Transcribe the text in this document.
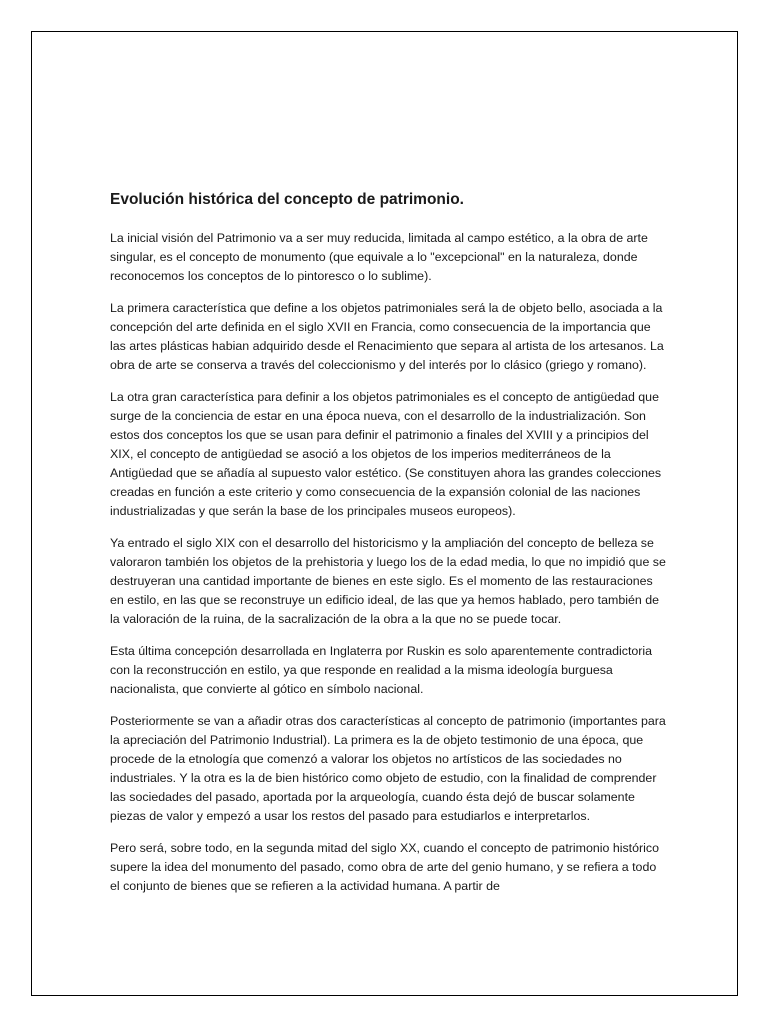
Evolución histórica del concepto de patrimonio.

La inicial visión del Patrimonio va a ser muy reducida, limitada al campo estético, a la obra de arte singular, es el concepto de monumento (que equivale a lo "excepcional" en la naturaleza, donde reconocemos los conceptos de lo pintoresco o lo sublime).

La primera característica que define a los objetos patrimoniales será la de objeto bello, asociada a la concepción del arte definida en el siglo XVII en Francia, como consecuencia de la importancia que las artes plásticas habian adquirido desde el Renacimiento que separa al artista de los artesanos. La obra de arte se conserva a través del coleccionismo y del interés por lo clásico (griego y romano).

La otra gran característica para definir a los objetos patrimoniales es el concepto de antigüedad que surge de la conciencia de estar en una época nueva, con el desarrollo de la industrialización. Son estos dos conceptos los que se usan para definir el patrimonio a finales del XVIII y a principios del XIX, el concepto de antigüedad se asoció a los objetos de los imperios mediterráneos de la Antigüedad que se añadía al supuesto valor estético. (Se constituyen ahora las grandes colecciones creadas en función a este criterio y como consecuencia de la expansión colonial de las naciones industrializadas y que serán la base de los principales museos europeos).

Ya entrado el siglo XIX con el desarrollo del historicismo y la ampliación del concepto de belleza se valoraron también los objetos de la prehistoria y luego los de la edad media, lo que no impidió que se destruyeran una cantidad importante de bienes en este siglo. Es el momento de las restauraciones en estilo, en las que se reconstruye un edificio ideal, de las que ya hemos hablado, pero también de la valoración de la ruina, de la sacralización de la obra a la que no se puede tocar.

Esta última concepción desarrollada en Inglaterra por Ruskin es solo aparentemente contradictoria con la reconstrucción en estilo, ya que responde en realidad a la misma ideología burguesa nacionalista, que convierte al gótico en símbolo nacional.

Posteriormente se van a añadir otras dos características al concepto de patrimonio (importantes para la apreciación del Patrimonio Industrial). La primera es la de objeto testimonio de una época, que procede de la etnología que comenzó a valorar los objetos no artísticos de las sociedades no industriales. Y la otra es la de bien histórico como objeto de estudio, con la finalidad de comprender las sociedades del pasado, aportada por la arqueología, cuando ésta dejó de buscar solamente piezas de valor y empezó a usar los restos del pasado para estudiarlos e interpretarlos.

Pero será, sobre todo, en la segunda mitad del siglo XX, cuando el concepto de patrimonio histórico supere la idea del monumento del pasado, como obra de arte del genio humano, y se refiera a todo el conjunto de bienes que se refieren a la actividad humana. A partir de
